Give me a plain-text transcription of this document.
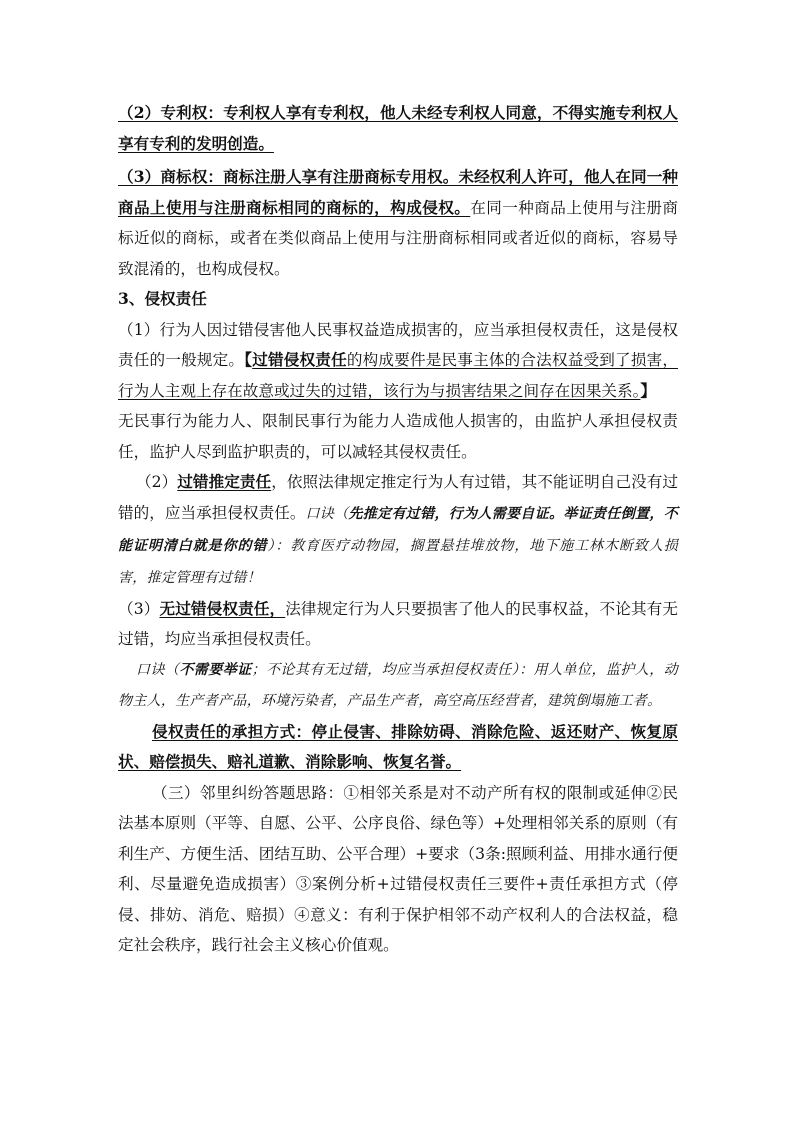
（2）专利权：专利权人享有专利权，他人未经专利权人同意，不得实施专利权人享有专利的发明创造。

（3）商标权：商标注册人享有注册商标专用权。未经权利人许可，他人在同一种商品上使用与注册商标相同的商标的，构成侵权。在同一种商品上使用与注册商标近似的商标，或者在类似商品上使用与注册商标相同或者近似的商标，容易导致混淆的，也构成侵权。

3、侵权责任

（1）行为人因过错侵害他人民事权益造成损害的，应当承担侵权责任，这是侵权责任的一般规定。【过错侵权责任的构成要件是民事主体的合法权益受到了损害，行为人主观上存在故意或过失的过错，该行为与损害结果之间存在因果关系。】

无民事行为能力人、限制民事行为能力人造成他人损害的，由监护人承担侵权责任，监护人尽到监护职责的，可以减轻其侵权责任。

（2）过错推定责任，依照法律规定推定行为人有过错，其不能证明自己没有过错的，应当承担侵权责任。口诀（先推定有过错，行为人需要自证。举证责任倒置，不能证明清白就是你的错）：教育医疗动物园，搁置悬挂堆放物，地下施工林木断致人损害，推定管理有过错！

（3）无过错侵权责任，法律规定行为人只要损害了他人的民事权益，不论其有无过错，均应当承担侵权责任。

口诀（不需要举证；不论其有无过错，均应当承担侵权责任）：用人单位，监护人，动物主人，生产者产品，环境污染者，产品生产者，高空高压经营者，建筑倒塌施工者。

侵权责任的承担方式：停止侵害、排除妨碍、消除危险、返还财产、恢复原状、赔偿损失、赔礼道歉、消除影响、恢复名誉。

（三）邻里纠纷答题思路：①相邻关系是对不动产所有权的限制或延伸②民法基本原则（平等、自愿、公平、公序良俗、绿色等）+处理相邻关系的原则（有利生产、方便生活、团结互助、公平合理）+要求（3条:照顾利益、用排水通行便利、尽量避免造成损害）③案例分析+过错侵权责任三要件+责任承担方式（停侵、排妨、消危、赔损）④意义：有利于保护相邻不动产权利人的合法权益，稳定社会秩序，践行社会主义核心价值观。
